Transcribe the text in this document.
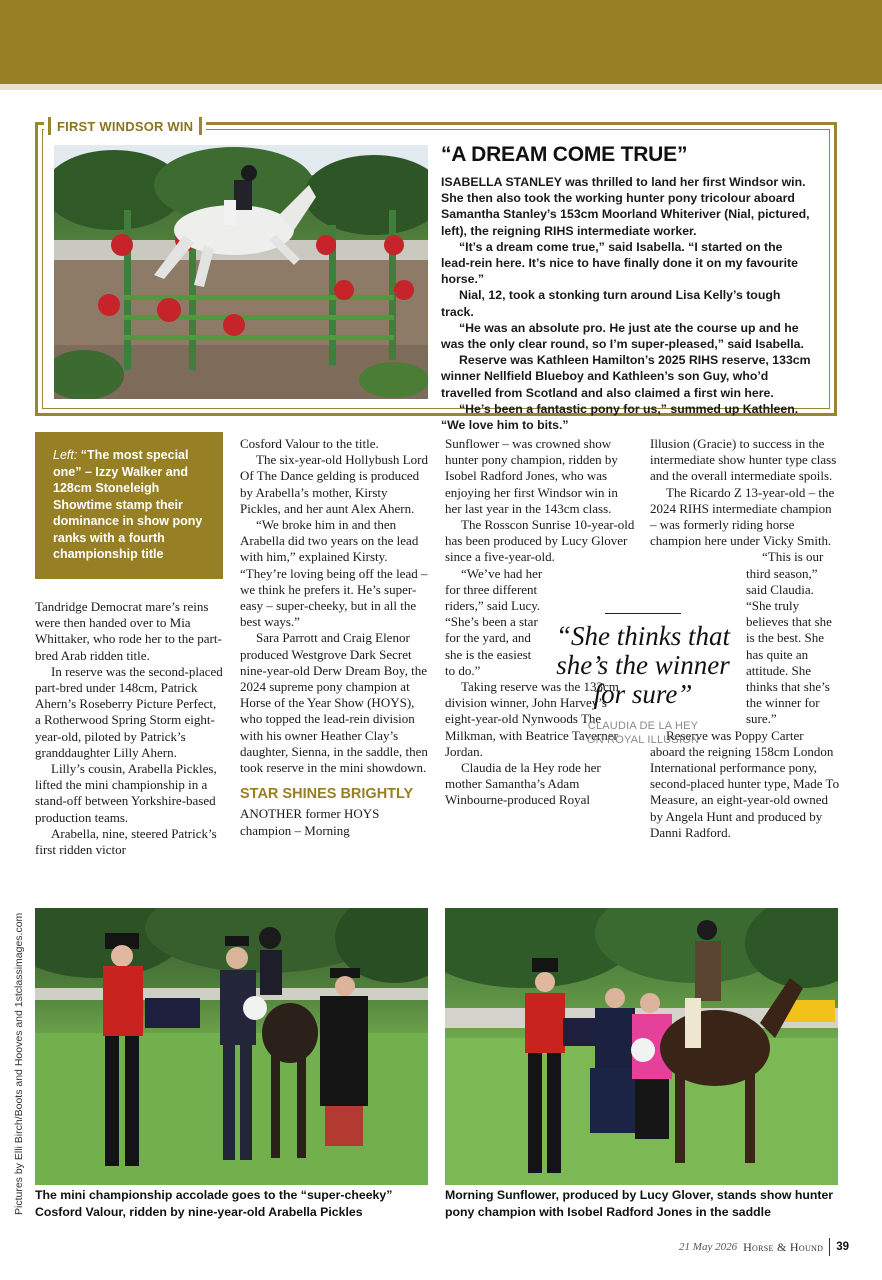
FIRST WINDSOR WIN
“A DREAM COME TRUE”

ISABELLA STANLEY was thrilled to land her first Windsor win. She then also took the working hunter pony tricolour aboard Samantha Stanley’s 153cm Moorland Whiteriver (Nial, pictured, left), the reigning RIHS intermediate worker.

“It’s a dream come true,” said Isabella. “I started on the lead-rein here. It’s nice to have finally done it on my favourite horse.”

Nial, 12, took a stonking turn around Lisa Kelly’s tough track.

“He was an absolute pro. He just ate the course up and he was the only clear round, so I’m super-pleased,” said Isabella.

Reserve was Kathleen Hamilton’s 2025 RIHS reserve, 133cm winner Nellfield Blueboy and Kathleen’s son Guy, who’d travelled from Scotland and also claimed a first win here.

“He’s been a fantastic pony for us,” summed up Kathleen. “We love him to bits.”

Left: “The most special one” – Izzy Walker and 128cm Stoneleigh Showtime stamp their dominance in show pony ranks with a fourth championship title

Tandridge Democrat mare’s reins were then handed over to Mia Whittaker, who rode her to the part-bred Arab ridden title.

In reserve was the second-placed part-bred under 148cm, Patrick Ahern’s Roseberry Picture Perfect, a Rotherwood Spring Storm eight-year-old, piloted by Patrick’s granddaughter Lilly Ahern.

Lilly’s cousin, Arabella Pickles, lifted the mini championship in a stand-off between Yorkshire-based production teams.

Arabella, nine, steered Patrick’s first ridden victor

Cosford Valour to the title.

The six-year-old Hollybush Lord Of The Dance gelding is produced by Arabella’s mother, Kirsty Pickles, and her aunt Alex Ahern.

“We broke him in and then Arabella did two years on the lead with him,” explained Kirsty. “They’re loving being off the lead – we think he prefers it. He’s super-easy – super-cheeky, but in all the best ways.”

Sara Parrott and Craig Elenor produced Westgrove Dark Secret nine-year-old Derw Dream Boy, the 2024 supreme pony champion at Horse of the Year Show (HOYS), who topped the lead-rein division with his owner Heather Clay’s daughter, Sienna, in the saddle, then took reserve in the mini showdown.

STAR SHINES BRIGHTLY

ANOTHER former HOYS champion – Morning

Sunflower – was crowned show hunter pony champion, ridden by Isobel Radford Jones, who was enjoying her first Windsor win in her last year in the 143cm class.

The Rosscon Sunrise 10-year-old has been produced by Lucy Glover since a five-year-old.

“We’ve had her for three different riders,” said Lucy. “She’s been a star for the yard, and she is the easiest to do.”

Taking reserve was the 133cm division winner, John Harvey’s eight-year-old Nynwoods The Milkman, with Beatrice Taverner Jordan.

Claudia de la Hey rode her mother Samantha’s Adam Winbourne-produced Royal

Illusion (Gracie) to success in the intermediate show hunter type class and the overall intermediate spoils.

The Ricardo Z 13-year-old – the 2024 RIHS intermediate champion – was formerly riding horse champion here under Vicky Smith.

“This is our third season,” said Claudia. “She truly believes that she is the best. She has quite an attitude. She thinks that she’s the winner for sure.”

Reserve was Poppy Carter aboard the reigning 158cm London International performance pony, second-placed hunter type, Made To Measure, an eight-year-old owned by Angela Hunt and produced by Danni Radford.

“She thinks that she’s the winner for sure”
CLAUDIA DE LA HEY
ON ROYAL ILLUSION
Pictures by Elli Birch/Boots and Hooves and 1stclassimages.com The mini championship accolade goes to the “super-cheeky” Cosford Valour, ridden by nine-year-old Arabella Pickles
Morning Sunflower, produced by Lucy Glover, stands show hunter pony champion with Isobel Radford Jones in the saddle
21 May 2026 Horse & Hound 39
